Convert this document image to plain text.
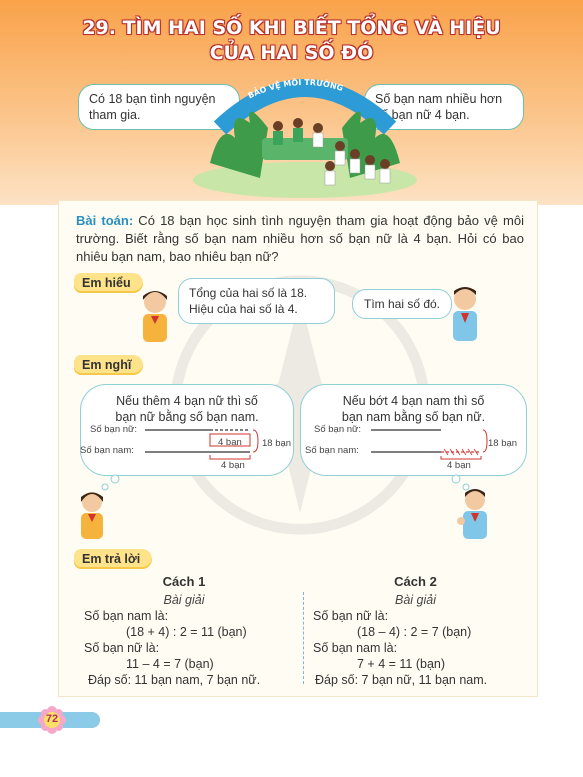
29. TÌM HAI SỐ KHI BIẾT TỔNG VÀ HIỆU
CỦA HAI SỐ ĐÓ
Có 18 bạn tình nguyện tham gia.
Số bạn nam nhiều hơn số bạn nữ 4 bạn.
BẢO VỆ MÔI TRƯỜNG
Bài toán: Có 18 bạn học sinh tình nguyện tham gia hoạt động bảo vệ môi trường. Biết rằng số bạn nam nhiều hơn số bạn nữ là 4 bạn. Hỏi có bao nhiêu bạn nam, bao nhiêu bạn nữ?
Em hiểu
Tổng của hai số là 18.
Hiệu của hai số là 4.	Tìm hai số đó.
Em nghĩ
Nếu thêm 4 bạn nữ thì số
bạn nữ bằng số bạn nam.
Số bạn nữ:
Số bạn nam:
4 bạn
4 bạn
18 bạn
Nếu bớt 4 bạn nam thì số
bạn nam bằng số bạn nữ.
Số bạn nữ:
Số bạn nam:
4 bạn
18 bạn
Em trả lời
Cách 1
Bài giải
Số bạn nam là:
(18 + 4) : 2 = 11 (bạn)
Số bạn nữ là:
11 – 4 = 7 (bạn)
Đáp số: 11 bạn nam, 7 bạn nữ.
Cách 2
Bài giải
Số bạn nữ là:
(18 – 4) : 2 = 7 (bạn)
Số bạn nam là:
7 + 4 = 11 (bạn)
Đáp số: 7 bạn nữ, 11 bạn nam.
72
